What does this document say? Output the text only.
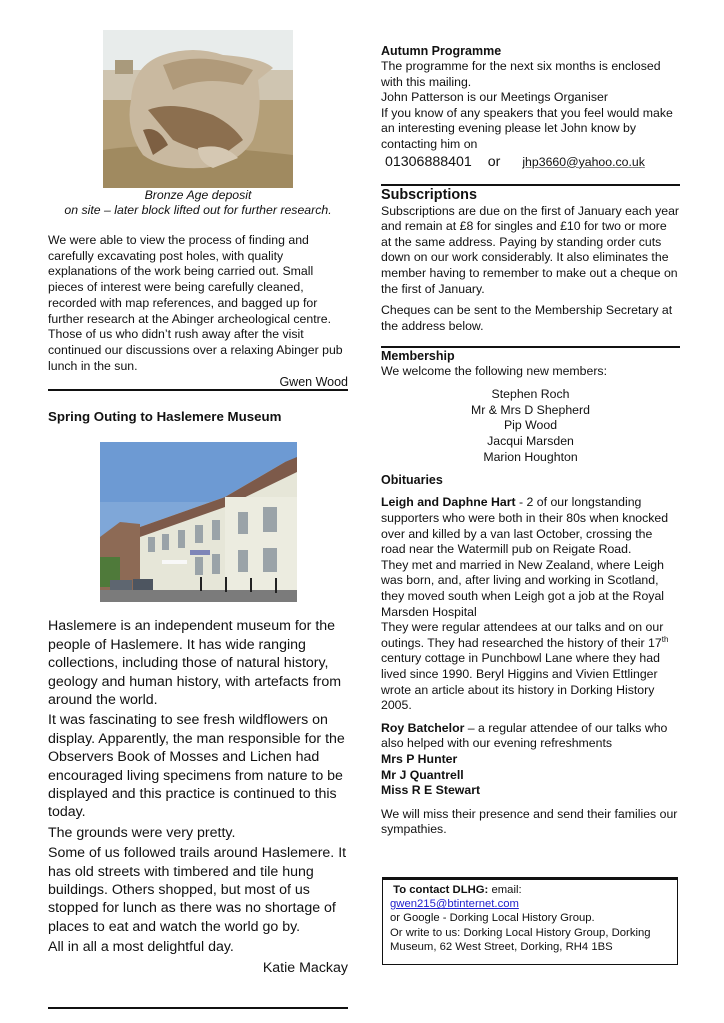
Bronze Age deposit
on site – later block lifted out for further research.
We were able to view the process of finding and carefully excavating post holes, with quality explanations of the work being carried out. Small pieces of interest were being carefully cleaned, recorded with map references, and bagged up for further research at the Abinger archeological centre. Those of us who didn’t rush away after the visit continued our discussions over a relaxing Abinger pub lunch in the sun.
Gwen Wood
Spring Outing to Haslemere Museum
Haslemere is an independent museum for the people of Haslemere. It has wide ranging collections, including those of natural history, geology and human history, with artefacts from around the world.
It was fascinating to see fresh wildflowers on display. Apparently, the man responsible for the Observers Book of Mosses and Lichen had encouraged living specimens from nature to be displayed and this practice is continued to this today.
The grounds were very pretty.
Some of us followed trails around Haslemere. It has old streets with timbered and tile hung buildings. Others shopped, but most of us stopped for lunch as there was no shortage of places to eat and watch the world go by.
All in all a most delightful day.
Katie Mackay
Autumn Programme
The programme for the next six months is enclosed with this mailing.
John Patterson is our Meetings Organiser
If you know of any speakers that you feel would make an interesting evening please let John know by contacting him on
01306888401 or jhp3660@yahoo.co.uk
Subscriptions
Subscriptions are due on the first of January each year and remain at £8 for singles and £10 for two or more at the same address. Paying by standing order cuts down on our work considerably. It also eliminates the member having to remember to make out a cheque on the first of January.
Cheques can be sent to the Membership Secretary at the address below.
Membership
We welcome the following new members:
Stephen Roch
Mr & Mrs D Shepherd
Pip Wood
Jacqui Marsden
Marion Houghton
Obituaries
Leigh and Daphne Hart - 2 of our longstanding supporters who were both in their 80s when knocked over and killed by a van last October, crossing the road near the Watermill pub on Reigate Road.
They met and married in New Zealand, where Leigh was born, and, after living and working in Scotland, they moved south when Leigh got a job at the Royal Marsden Hospital
They were regular attendees at our talks and on our outings. They had researched the history of their 17th century cottage in Punchbowl Lane where they had lived since 1990. Beryl Higgins and Vivien Ettlinger wrote an article about its history in Dorking History 2005.
Roy Batchelor – a regular attendee of our talks who also helped with our evening refreshments
Mrs P Hunter
Mr J Quantrell
Miss R E Stewart
We will miss their presence and send their families our sympathies.
To contact DLHG: email:
gwen215@btinternet.com
or Google - Dorking Local History Group.
Or write to us: Dorking Local History Group, Dorking Museum, 62 West Street, Dorking, RH4 1BS
